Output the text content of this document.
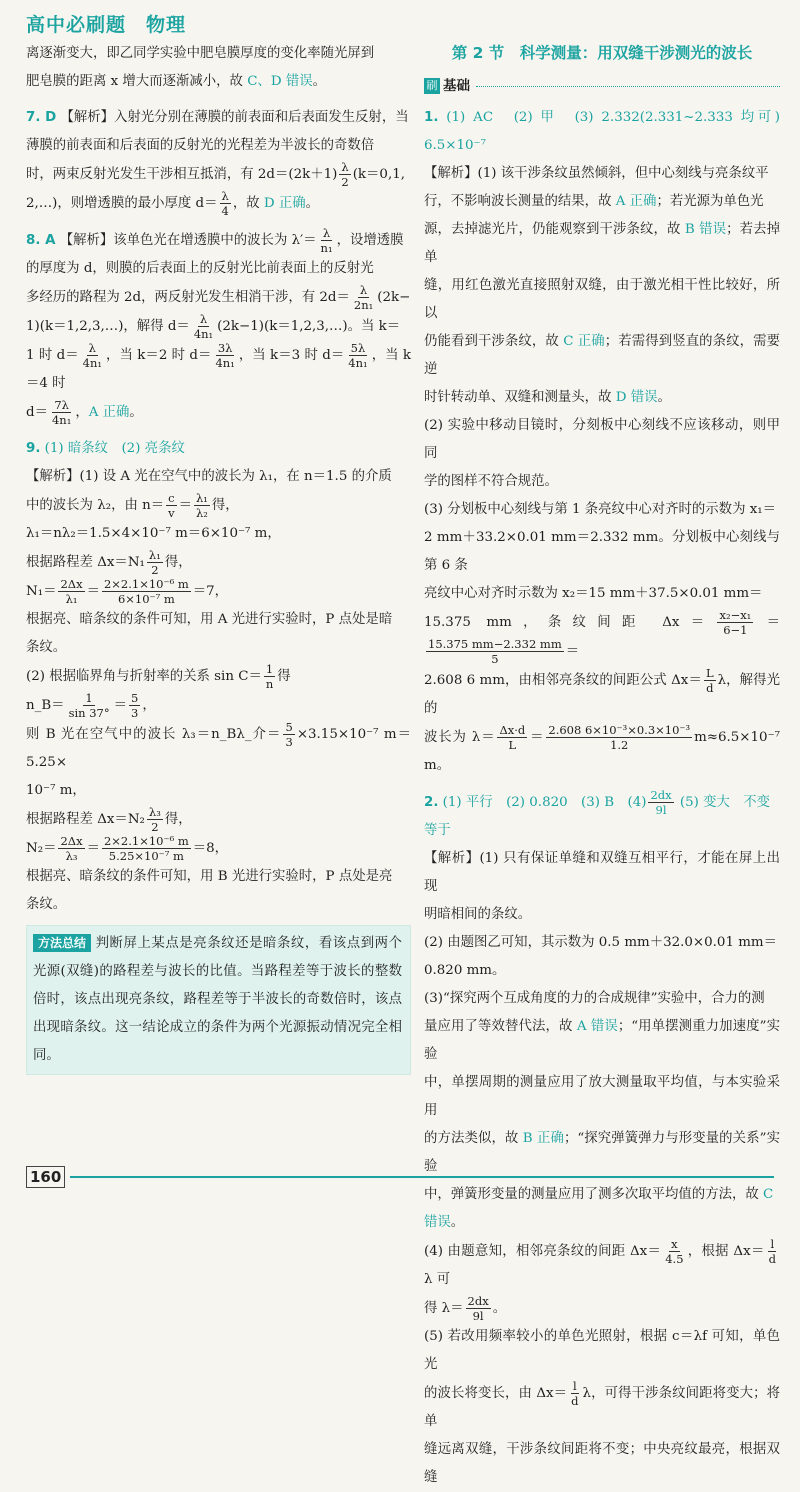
高中必刷题　物理

离逐渐变大，即乙同学实验中肥皂膜厚度的变化率随光屏到

肥皂膜的距离 x 增大而逐渐减小，故 C、D 错误。

7. D 【解析】入射光分别在薄膜的前表面和后表面发生反射，当

薄膜的前表面和后表面的反射光的光程差为半波长的奇数倍

时，两束反射光发生干涉相互抵消，有 $2d=(2k+1) \frac{\lambda}{2} (k=0,1$,

2,…)，则增透膜的最小厚度 $d= \frac{\lambda}{4}$ ，故 D 正确。

8. A 【解析】该单色光在增透膜中的波长为 $\lambda'= \frac{\lambda}{\text{n₁}}$ ，设增透膜

的厚度为 d，则膜的后表面上的反射光比前表面上的反射光

多经历的路程为 2d，两反射光发生相消干涉，有 $2d= \frac{\lambda}{\text{2n₁}} (2k-$

1)(k＝1,2,3,…)，解得 $d= \frac{\lambda}{\text{4n₁}}$ (2k−1)(k＝1,2,3,…)。当 k＝

1 时 $d= \frac{\lambda}{\text{4n₁}}$ ，当 k＝2 时 $d= \frac{3\lambda}{\text{4n₁}}$ ，当 k＝3 时 $d= \frac{5\lambda}{\text{4n₁}}$ ，当 k＝4 时

$d= \frac{7\lambda}{\text{4n₁}}$ ，A 正确。

9. (1) 暗条纹　(2) 亮条纹

【解析】(1) 设 A 光在空气中的波长为 λ₁，在 n＝1.5 的介质

中的波长为 λ₂，由 $n= \frac{c}{v} = \frac{\text{λ₁}}{\text{λ₂}}$ 得，

λ₁＝nλ₂＝1.5×4×10⁻⁷ m＝6×10⁻⁷ m，

根据路程差 $\Delta x=N_1 \frac{\text{λ₁}}{2}$ 得，

$N_1= \frac{2\Delta x}{\text{λ₁}} = \frac{\text{2×2.1×10⁻⁶ m}}{\text{6×10⁻⁷ m}} =7$，

根据亮、暗条纹的条件可知，用 A 光进行实验时，P 点处是暗

条纹。

(2) 根据临界角与折射率的关系 $\sin C= \frac{1}{n}$ 得

n_B＝ $\frac{1}{\sin 37^\circ} = \frac{5}{3}$ ，

则 B 光在空气中的波长 λ₃＝n_Bλ_介＝ $\frac{5}{3} \times 3.15\times 10^{-7}$ m＝5.25×

10⁻⁷ m，

根据路程差 $\Delta x=N_2 \frac{\text{λ₃}}{2}$ 得，

$N_2= \frac{2\Delta x}{\text{λ₃}} = \frac{\text{2×2.1×10⁻⁶ m}}{\text{5.25×10⁻⁷ m}} =8$，

根据亮、暗条纹的条件可知，用 B 光进行实验时，P 点处是亮

条纹。

方法总结 判断屏上某点是亮条纹还是暗条纹，看该点到两个光源(双缝)的路程差与波长的比值。当路程差等于波长的整数倍时，该点出现亮条纹，路程差等于半波长的奇数倍时，该点出现暗条纹。这一结论成立的条件为两个光源振动情况完全相同。

第 2 节　科学测量：用双缝干涉测光的波长
刷 基础

1. (1) AC　(2) 甲　(3) 2.332(2.331~2.333 均可)　6.5×10⁻⁷

【解析】(1) 该干涉条纹虽然倾斜，但中心刻线与亮条纹平

行，不影响波长测量的结果，故 A 正确；若光源为单色光

源，去掉滤光片，仍能观察到干涉条纹，故 B 错误；若去掉单

缝，用红色激光直接照射双缝，由于激光相干性比较好，所以

仍能看到干涉条纹，故 C 正确；若需得到竖直的条纹，需要逆

时针转动单、双缝和测量头，故 D 错误。

(2) 实验中移动目镜时，分刻板中心刻线不应该移动，则甲同

学的图样不符合规范。

(3) 分划板中心刻线与第 1 条亮纹中心对齐时的示数为 x₁＝

2 mm＋33.2×0.01 mm＝2.332 mm。分划板中心刻线与第 6 条

亮纹中心对齐时示数为 x₂＝15 mm＋37.5×0.01 mm＝

15.375 mm，条纹间距 $\Delta x= \frac{\text{x₂−x₁}}{6-1}$ ＝
$\frac{15.375 mm-2.332 mm}{5}$ ＝

2.608 6 mm，由相邻亮条纹的间距公式 $\Delta x= \frac{L}{d}$ λ，解得光的

波长为 $\lambda= \frac{\Delta x\cdot d}{L} = \frac{\text{2.608 6×10⁻³×0.3×10⁻³}}{1.2} m\approx 6.5\times 10^{-7}$ m。

2. (1) 平行　(2) 0.820　(3) B　$(4) \frac{2dx}{9l} (5)$ 变大　不变

等于

【解析】(1) 只有保证单缝和双缝互相平行，才能在屏上出现

明暗相间的条纹。

(2) 由题图乙可知，其示数为 0.5 mm＋32.0×0.01 mm＝

0.820 mm。

(3)“探究两个互成角度的力的合成规律”实验中，合力的测

量应用了等效替代法，故 A 错误；“用单摆测重力加速度”实验

中，单摆周期的测量应用了放大测量取平均值，与本实验采用

的方法类似，故 B 正确；“探究弹簧弹力与形变量的关系”实验

中，弹簧形变量的测量应用了测多次取平均值的方法，故 C

错误。

(4) 由题意知，相邻亮条纹的间距 $\Delta x= \frac{x}{4.5}$ ，根据 $\Delta x= \frac{l}{d}$
λ 可

得 $\lambda= \frac{2dx}{9l}$ 。

(5) 若改用频率较小的单色光照射，根据 c＝λf 可知，单色光

的波长将变长，由 $\Delta x= \frac{l}{d}$ λ，可得干涉条纹间距将变大；将单

缝远离双缝，干涉条纹间距将不变；中央亮纹最亮，根据双缝

160
